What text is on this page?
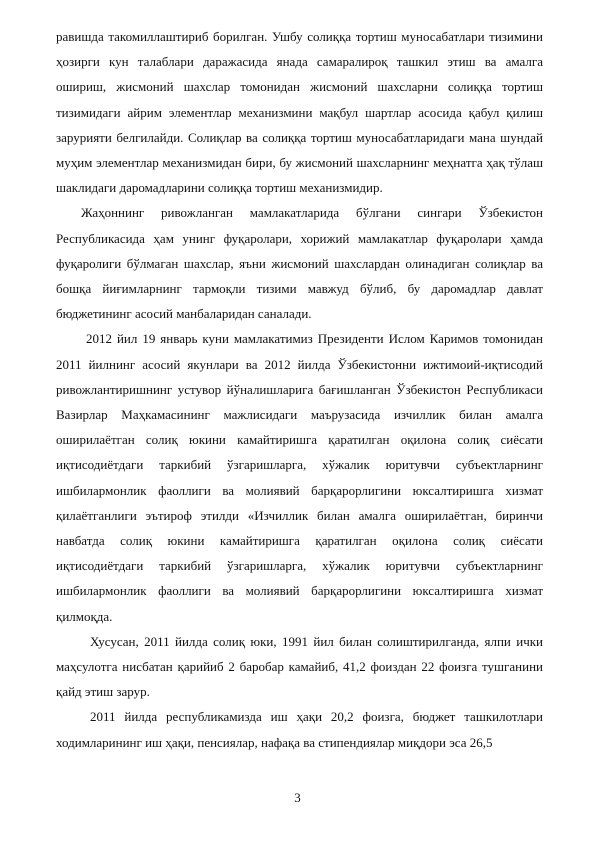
равишда такомиллаштириб борилган. Ушбу солиққа тортиш муносабатлари тизимини ҳозирги кун талаблари даражасида янада самаралироқ ташкил этиш ва амалга ошириш, жисмоний шахслар томонидан жисмоний шахсларни солиққа тортиш тизимидаги айрим элементлар механизмини мақбул шартлар асосида қабул қилиш зарурияти белгилайди. Солиқлар ва солиққа тортиш муносабатларидаги мана шундай муҳим элементлар механизмидан бири, бу жисмоний шахсларнинг меҳнатга ҳақ тўлаш шаклидаги даромадларини солиққа тортиш механизмидир.

Жаҳоннинг ривожланган мамлакатларида бўлгани сингари Ўзбекистон Республикасида ҳам унинг фуқаролари, хорижий мамлакатлар фуқаролари ҳамда фуқаролиги бўлмаган шахслар, яъни жисмоний шахслардан олинадиган солиқлар ва бошқа йиғимларнинг тармоқли тизими мавжуд бўлиб, бу даромадлар давлат бюджетининг асосий манбаларидан саналади.

2012 йил 19 январь куни мамлакатимиз Президенти Ислом Каримов томонидан 2011 йилнинг асосий якунлари ва 2012 йилда Ўзбекистонни ижтимоий-иқтисодий ривожлантиришнинг устувор йўналишларига бағишланган Ўзбекистон Республикаси Вазирлар Маҳкамасининг мажлисидаги маърузасида изчиллик билан амалга оширилаётган солиқ юкини камайтиришга қаратилган оқилона солиқ сиёсати иқтисодиётдаги таркибий ўзгаришларга, хўжалик юритувчи субъектларнинг ишбилармонлик фаоллиги ва молиявий барқарорлигини юксалтиришга хизмат қилаётганлиги эътироф этилди «Изчиллик билан амалга оширилаётган, биринчи навбатда солиқ юкини камайтиришга қаратилган оқилона солиқ сиёсати иқтисодиётдаги таркибий ўзгаришларга, хўжалик юритувчи субъектларнинг ишбилармонлик фаоллиги ва молиявий барқарорлигини юксалтиришга хизмат қилмоқда.

Хусусан, 2011 йилда солиқ юки, 1991 йил билан солиштирилганда, ялпи ички маҳсулотга нисбатан қарийиб 2 баробар камайиб, 41,2 фоиздан 22 фоизга тушганини қайд этиш зарур.

2011 йилда республикамизда иш ҳақи 20,2 фоизга, бюджет ташкилотлари ходимларининг иш ҳақи, пенсиялар, нафақа ва стипендиялар миқдори эса 26,5

3
